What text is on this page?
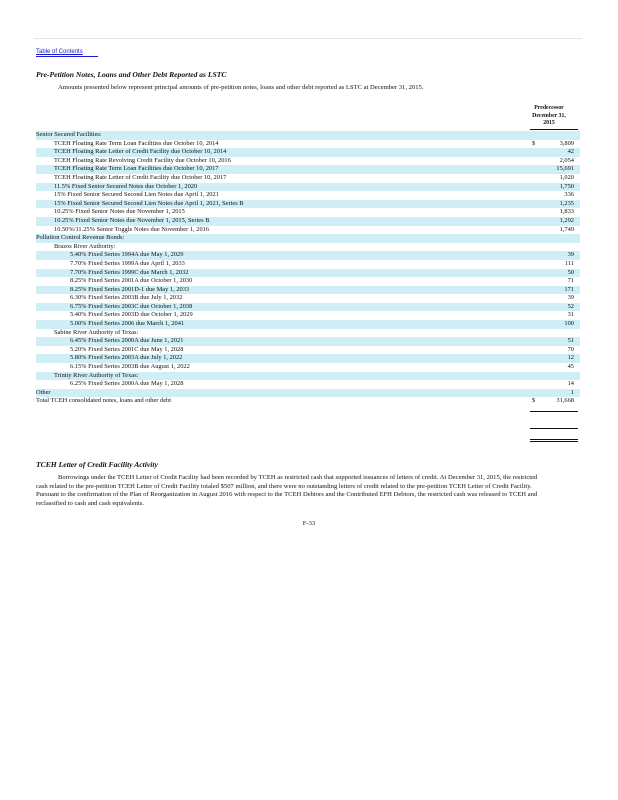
Table of Contents
Pre-Petition Notes, Loans and Other Debt Reported as LSTC
Amounts presented below represent principal amounts of pre-petition notes, loans and other debt reported as LSTC at December 31, 2015.
Predecessor
December 31,
2015
Senior Secured Facilities:
TCEH Floating Rate Term Loan Facilities due October 10, 2014	$	3,809
TCEH Floating Rate Letter of Credit Facility due October 10, 2014	42
TCEH Floating Rate Revolving Credit Facility due October 10, 2016	2,054
TCEH Floating Rate Term Loan Facilities due October 10, 2017	15,691
TCEH Floating Rate Letter of Credit Facility due October 10, 2017	1,020
11.5% Fixed Senior Secured Notes due October 1, 2020	1,750
15% Fixed Senior Secured Second Lien Notes due April 1, 2021	336
15% Fixed Senior Secured Second Lien Notes due April 1, 2021, Series B	1,235
10.25% Fixed Senior Notes due November 1, 2015	1,833
10.25% Fixed Senior Notes due November 1, 2015, Series B	1,292
10.50%/11.25% Senior Toggle Notes due November 1, 2016	1,749
Pollution Control Revenue Bonds:
Brazos River Authority:
5.40% Fixed Series 1994A due May 1, 2029	39
7.70% Fixed Series 1999A due April 1, 2033	111
7.70% Fixed Series 1999C due March 1, 2032	50
8.25% Fixed Series 2001A due October 1, 2030	71
8.25% Fixed Series 2001D-1 due May 1, 2033	171
6.30% Fixed Series 2003B due July 1, 2032	39
6.75% Fixed Series 2003C due October 1, 2038	52
5.40% Fixed Series 2003D due October 1, 2029	31
5.00% Fixed Series 2006 due March 1, 2041	100
Sabine River Authority of Texas:
6.45% Fixed Series 2000A due June 1, 2021	51
5.20% Fixed Series 2001C due May 1, 2028	70
5.80% Fixed Series 2003A due July 1, 2022	12
6.15% Fixed Series 2003B due August 1, 2022	45
Trinity River Authority of Texas:
6.25% Fixed Series 2000A due May 1, 2028	14
Other	1
Total TCEH consolidated notes, loans and other debt	$	31,668
TCEH Letter of Credit Facility Activity
Borrowings under the TCEH Letter of Credit Facility had been recorded by TCEH as restricted cash that supported issuances of letters of credit. At December 31, 2015, the restricted cash related to the pre-petition TCEH Letter of Credit Facility totaled $507 million, and there were no outstanding letters of credit related to the pre-petition TCEH Letter of Credit Facility. Pursuant to the confirmation of the Plan of Reorganization in August 2016 with respect to the TCEH Debtors and the Contributed EFH Debtors, the restricted cash was released to TCEH and reclassified to cash and cash equivalents.
F-33
